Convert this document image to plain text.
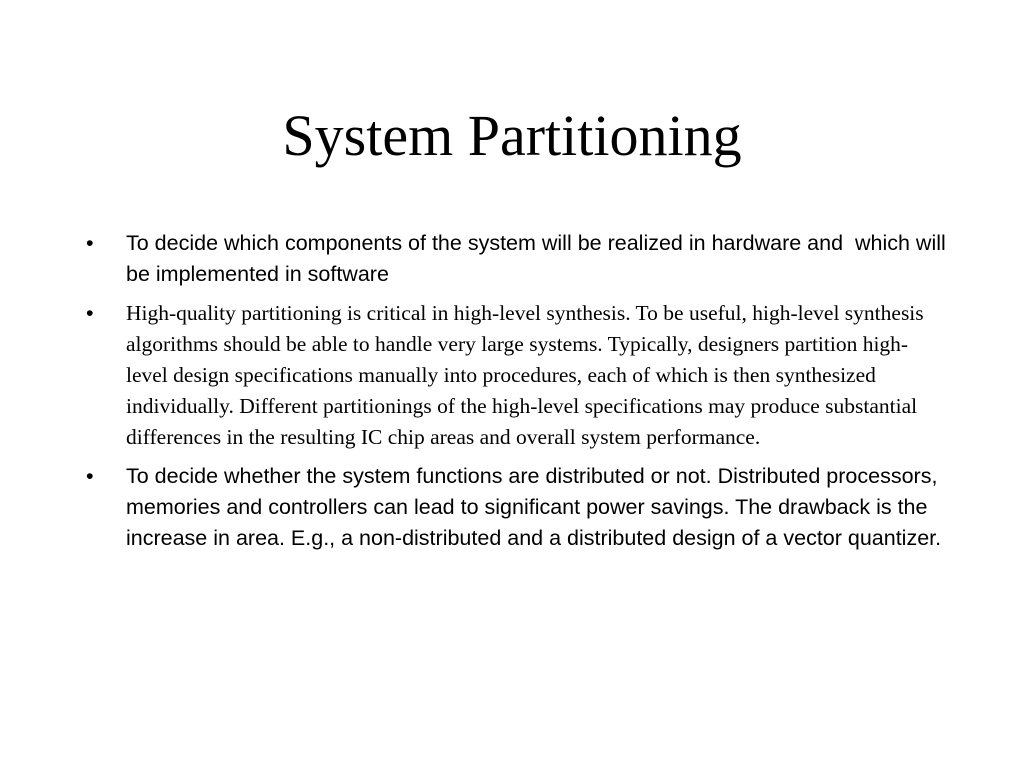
System Partitioning
•	To decide which components of the system will be realized in hardware and  which will be implemented in software
•	High-quality partitioning is critical in high-level synthesis. To be useful, high-level synthesis algorithms should be able to handle very large systems. Typically, designers partition high-level design specifications manually into procedures, each of which is then synthesized individually. Different partitionings of the high-level specifications may produce substantial differences in the resulting IC chip areas and overall system performance.
•	To decide whether the system functions are distributed or not. Distributed processors, memories and controllers can lead to significant power savings. The drawback is the increase in area. E.g., a non-distributed and a distributed design of a vector quantizer.
